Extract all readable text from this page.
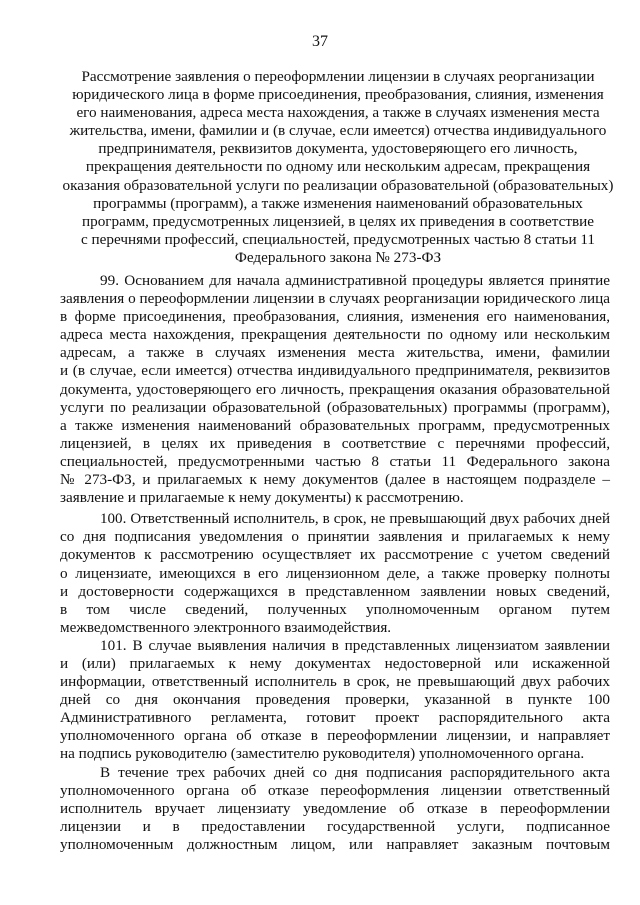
37
Рассмотрение заявления о переоформлении лицензии в случаях реорганизации
юридического лица в форме присоединения, преобразования, слияния, изменения
его наименования, адреса места нахождения, а также в случаях изменения места
жительства, имени, фамилии и (в случае, если имеется) отчества индивидуального
предпринимателя, реквизитов документа, удостоверяющего его личность,
прекращения деятельности по одному или нескольким адресам, прекращения
оказания образовательной услуги по реализации образовательной (образовательных)
программы (программ), а также изменения наименований образовательных
программ, предусмотренных лицензией, в целях их приведения в соответствие
с перечнями профессий, специальностей, предусмотренных частью 8 статьи 11
Федерального закона № 273-ФЗ
99. Основанием для начала административной процедуры является принятие
заявления о переоформлении лицензии в случаях реорганизации юридического лица
в форме присоединения, преобразования, слияния, изменения его наименования,
адреса места нахождения, прекращения деятельности по одному или нескольким
адресам, а также в случаях изменения места жительства, имени, фамилии
и (в случае, если имеется) отчества индивидуального предпринимателя, реквизитов
документа, удостоверяющего его личность, прекращения оказания образовательной
услуги по реализации образовательной (образовательных) программы (программ),
а также изменения наименований образовательных программ, предусмотренных
лицензией, в целях их приведения в соответствие с перечнями профессий,
специальностей, предусмотренными частью 8 статьи 11 Федерального закона
№ 273-ФЗ, и прилагаемых к нему документов (далее в настоящем подразделе –
заявление и прилагаемые к нему документы) к рассмотрению.
100. Ответственный исполнитель, в срок, не превышающий двух рабочих дней
со дня подписания уведомления о принятии заявления и прилагаемых к нему
документов к рассмотрению осуществляет их рассмотрение с учетом сведений
о лицензиате, имеющихся в его лицензионном деле, а также проверку полноты
и достоверности содержащихся в представленном заявлении новых сведений,
в том числе сведений, полученных уполномоченным органом путем
межведомственного электронного взаимодействия.
101. В случае выявления наличия в представленных лицензиатом заявлении
и (или) прилагаемых к нему документах недостоверной или искаженной
информации, ответственный исполнитель в срок, не превышающий двух рабочих
дней со дня окончания проведения проверки, указанной в пункте 100
Административного регламента, готовит проект распорядительного акта
уполномоченного органа об отказе в переоформлении лицензии, и направляет
на подпись руководителю (заместителю руководителя) уполномоченного органа.
В течение трех рабочих дней со дня подписания распорядительного акта
уполномоченного органа об отказе переоформления лицензии ответственный
исполнитель вручает лицензиату уведомление об отказе в переоформлении
лицензии и в предоставлении государственной услуги, подписанное
уполномоченным должностным лицом, или направляет заказным почтовым
